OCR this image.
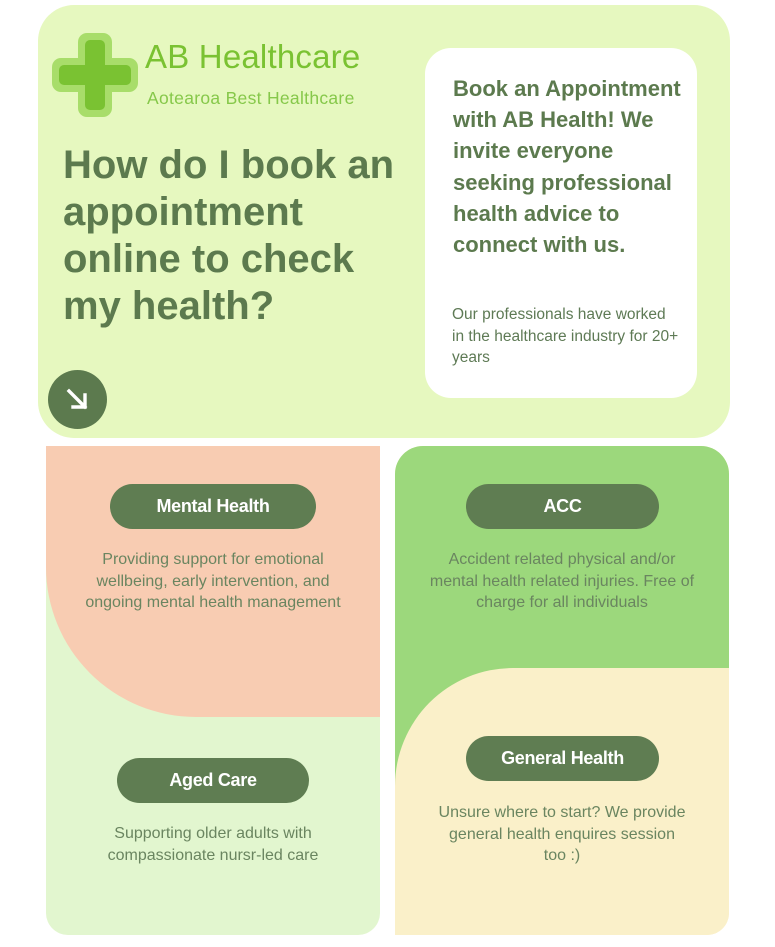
AB Healthcare
Aotearoa Best Healthcare
How do I book an appointment online to check my health?
Book an Appointment with AB Health! We invite everyone seeking professional health advice to connect with us.
Our professionals have worked in the healthcare industry for 20+ years
Mental Health
Providing support for emotional wellbeing, early intervention, and ongoing mental health management
ACC
Accident related physical and/or mental health related injuries. Free of charge for all individuals
Aged Care
Supporting older adults with compassionate nursr-led care
General Health
Unsure where to start? We provide general health enquires session too :)
